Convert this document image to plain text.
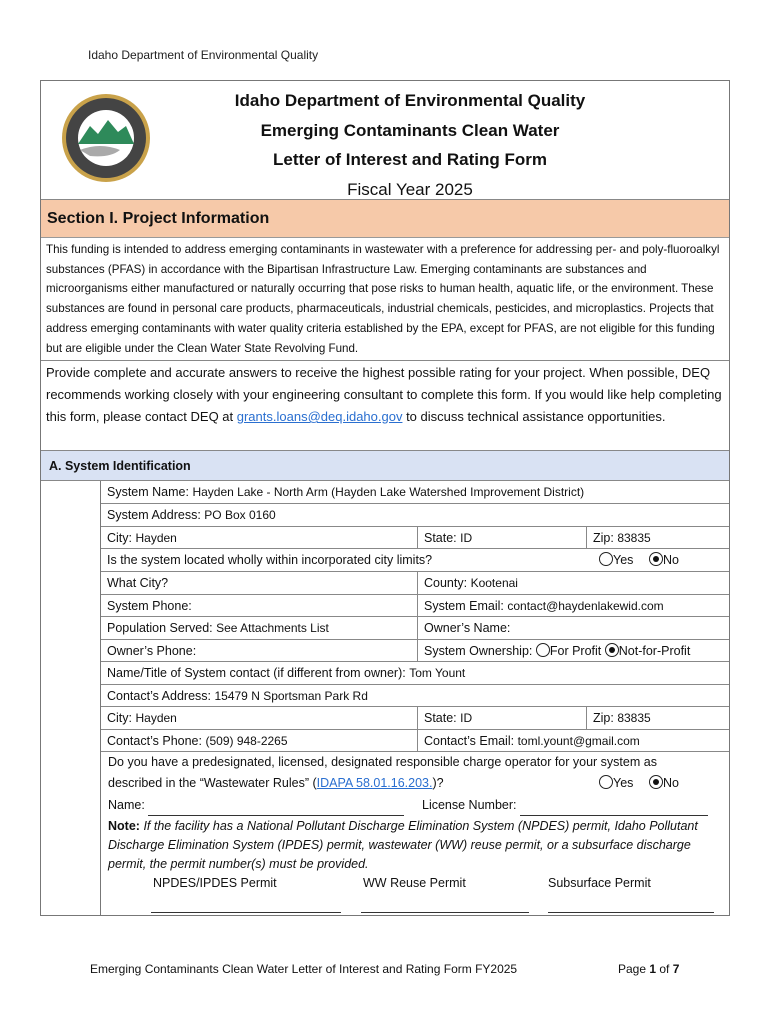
Idaho Department of Environmental Quality
Idaho Department of Environmental Quality
Emerging Contaminants Clean Water
Letter of Interest and Rating Form
Fiscal Year 2025
Section I. Project Information
This funding is intended to address emerging contaminants in wastewater with a preference for addressing per- and poly-fluoroalkyl substances (PFAS) in accordance with the Bipartisan Infrastructure Law. Emerging contaminants are substances and microorganisms either manufactured or naturally occurring that pose risks to human health, aquatic life, or the environment. These substances are found in personal care products, pharmaceuticals, industrial chemicals, pesticides, and microplastics. Projects that address emerging contaminants with water quality criteria established by the EPA, except for PFAS, are not eligible for this funding but are eligible under the Clean Water State Revolving Fund.
Provide complete and accurate answers to receive the highest possible rating for your project. When possible, DEQ recommends working closely with your engineering consultant to complete this form. If you would like help completing this form, please contact DEQ at grants.loans@deq.idaho.gov to discuss technical assistance opportunities.
A. System Identification
System Name: Hayden Lake - North Arm (Hayden Lake Watershed Improvement District)
System Address: PO Box 0160
City: Hayden	State: ID	Zip: 83835
Is the system located wholly within incorporated city limits?	Yes	No
What City?	County: Kootenai
System Phone:	System Email: contact@haydenlakewid.com
Population Served: See Attachments List	Owner’s Name:
Owner’s Phone:	System Ownership: For Profit Not-for-Profit
Name/Title of System contact (if different from owner): Tom Yount
Contact’s Address: 15479 N Sportsman Park Rd
City: Hayden	State: ID	Zip: 83835
Contact’s Phone: (509) 948-2265	Contact’s Email: toml.yount@gmail.com
Do you have a predesignated, licensed, designated responsible charge operator for your system as
described in the “Wastewater Rules” (IDAPA 58.01.16.203.)?	Yes	No
Name:	License Number:
Note: If the facility has a National Pollutant Discharge Elimination System (NPDES) permit, Idaho Pollutant Discharge Elimination System (IPDES) permit, wastewater (WW) reuse permit, or a subsurface discharge permit, the permit number(s) must be provided.
NPDES/IPDES Permit	WW Reuse Permit	Subsurface Permit
Emerging Contaminants Clean Water Letter of Interest and Rating Form FY2025	Page 1 of 7
